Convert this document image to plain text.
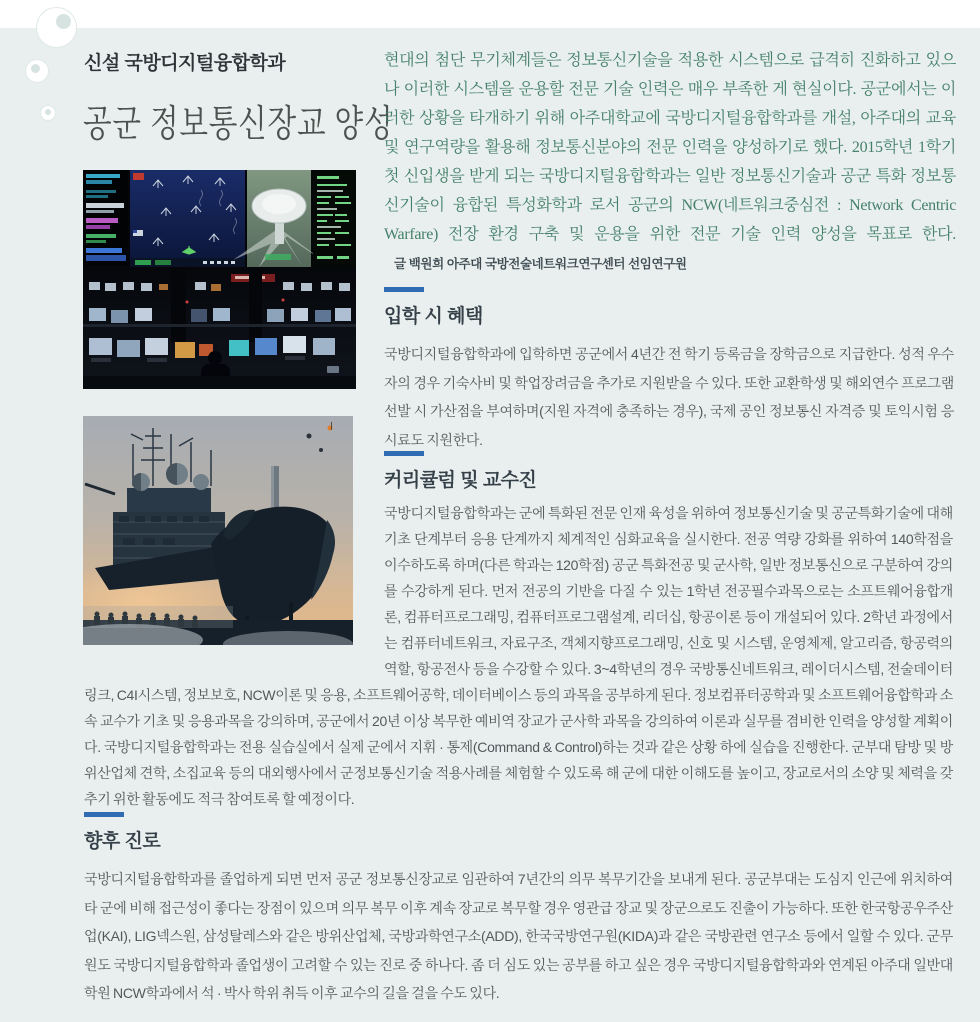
신설 국방디지털융합학과
공군 정보통신장교 양성

현대의 첨단 무기체계들은 정보통신기술을 적용한 시스템으로 급격히 진화하고 있으나 이러한 시스템을 운용할 전문 기술 인력은 매우 부족한 게 현실이다. 공군에서는 이러한 상황을 타개하기 위해 아주대학교에 국방디지털융합학과를 개설, 아주대의 교육 및 연구역량을 활용해 정보통신분야의 전문 인력을 양성하기로 했다. 2015학년 1학기 첫 신입생을 받게 되는 국방디지털융합학과는 일반 정보통신기술과 공군 특화 정보통신기술이 융합된 특성화학과 로서 공군의 NCW(네트워크중심전 : Network Centric Warfare) 전장 환경 구축 및 운용을 위한 전문 기술 인력 양성을 목표로 한다.글 백원희 아주대 국방전술네트워크연구센터 선임연구원

입학 시 혜택

국방디지털융합학과에 입학하면 공군에서 4년간 전 학기 등록금을 장학금으로 지급한다. 성적 우수자의 경우 기숙사비 및 학업장려금을 추가로 지원받을 수 있다. 또한 교환학생 및 해외연수 프로그램 선발 시 가산점을 부여하며(지원 자격에 충족하는 경우), 국제 공인 정보통신 자격증 및 토익시험 응시료도 지원한다.

커리큘럼 및 교수진

국방디지털융합학과는 군에 특화된 전문 인재 육성을 위하여 정보통신기술 및 공군특화기술에 대해 기초 단계부터 응용 단계까지 체계적인 심화교육을 실시한다. 전공 역량 강화를 위하여 140학점을 이수하도록 하며(다른 학과는 120학점) 공군 특화전공 및 군사학, 일반 정보통신으로 구분하여 강의를 수강하게 된다. 먼저 전공의 기반을 다질 수 있는 1학년 전공필수과목으로는 소프트웨어융합개론, 컴퓨터프로그래밍, 컴퓨터프로그램설계, 리더십, 항공이론 등이 개설되어 있다. 2학년 과정에서는 컴퓨터네트워크, 자료구조, 객체지향프로그래밍, 신호 및 시스템, 운영체제, 알고리즘, 항공력의 역할, 항공전사 등을 수강할 수 있다. 3~4학년의 경우 국방통신네트워크, 레이더시스템, 전술데이터링크, C4I시스템, 정보보호, NCW이론 및 응용, 소프트웨어공학, 데이터베이스 등의 과목을 공부하게 된다. 정보컴퓨터공학과 및 소프트웨어융합학과 소속 교수가 기초 및 응용과목을 강의하며, 공군에서 20년 이상 복무한 예비역 장교가 군사학 과목을 강의하여 이론과 실무를 겸비한 인력을 양성할 계획이다. 국방디지털융합학과는 전용 실습실에서 실제 군에서 지휘 · 통제(Command & Control)하는 것과 같은 상황 하에 실습을 진행한다. 군부대 탐방 및 방위산업체 견학, 소집교육 등의 대외행사에서 군정보통신기술 적용사례를 체험할 수 있도록 해 군에 대한 이해도를 높이고, 장교로서의 소양 및 체력을 갖추기 위한 활동에도 적극 참여토록 할 예정이다.

향후 진로

국방디지털융합학과를 졸업하게 되면 먼저 공군 정보통신장교로 임관하여 7년간의 의무 복무기간을 보내게 된다. 공군부대는 도심지 인근에 위치하여 타 군에 비해 접근성이 좋다는 장점이 있으며 의무 복무 이후 계속 장교로 복무할 경우 영관급 장교 및 장군으로도 진출이 가능하다. 또한 한국항공우주산업(KAI), LIG넥스원, 삼성탈레스와 같은 방위산업체, 국방과학연구소(ADD), 한국국방연구원(KIDA)과 같은 국방관련 연구소 등에서 일할 수 있다. 군무원도 국방디지털융합학과 졸업생이 고려할 수 있는 진로 중 하나다. 좀 더 심도 있는 공부를 하고 싶은 경우 국방디지털융합학과와 연계된 아주대 일반대학원 NCW학과에서 석 · 박사 학위 취득 이후 교수의 길을 걸을 수도 있다.
